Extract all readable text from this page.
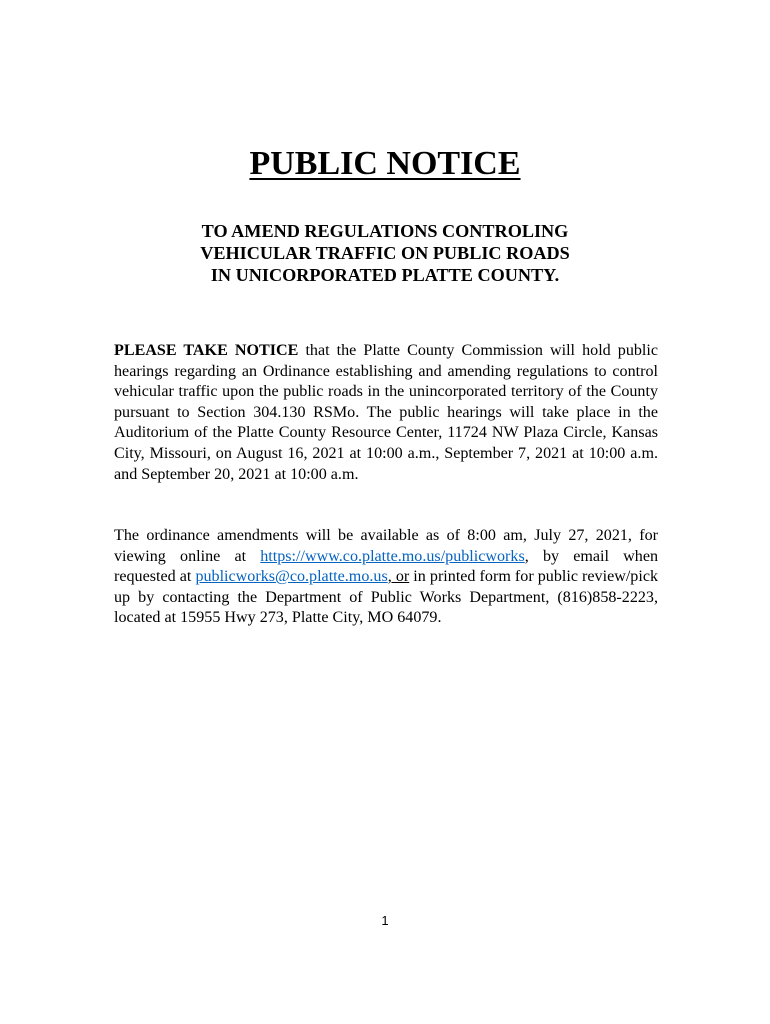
PUBLIC NOTICE
TO AMEND REGULATIONS CONTROLING
VEHICULAR TRAFFIC ON PUBLIC ROADS
IN UNICORPORATED PLATTE COUNTY.

PLEASE TAKE NOTICE that the Platte County Commission will hold public hearings regarding an Ordinance establishing and amending regulations to control vehicular traffic upon the public roads in the unincorporated territory of the County pursuant to Section 304.130 RSMo. The public hearings will take place in the Auditorium of the Platte County Resource Center, 11724 NW Plaza Circle, Kansas City, Missouri, on August 16, 2021 at 10:00 a.m., September 7, 2021 at 10:00 a.m. and September 20, 2021 at 10:00 a.m.

The ordinance amendments will be available as of 8:00 am, July 27, 2021, for viewing online at https://www.co.platte.mo.us/publicworks, by email when requested at publicworks@co.platte.mo.us, or in printed form for public review/pick up by contacting the Department of Public Works Department, (816)858-2223, located at 15955 Hwy 273, Platte City, MO 64079.

1
